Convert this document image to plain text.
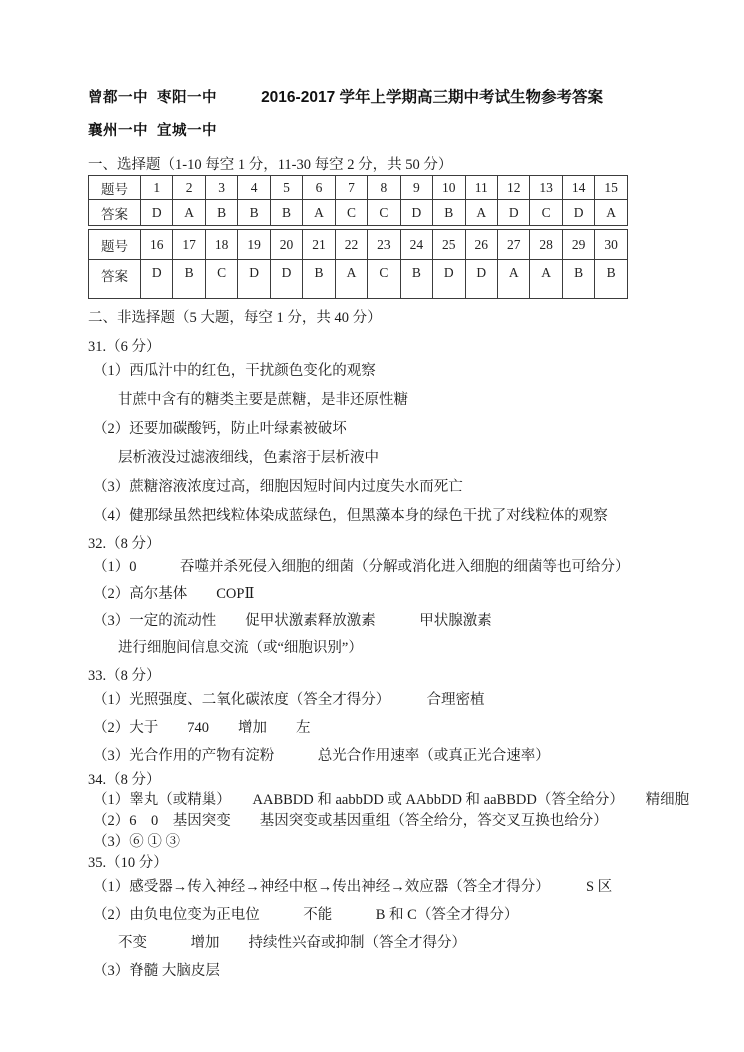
曾都一中  枣阳一中	2016-2017 学年上学期高三期中考试生物参考答案
襄州一中  宜城一中
一、选择题（1-10 每空 1 分，11-30 每空 2 分，共 50 分）
题号	1	2	3	4	5	6	7	8	9	10	11	12	13	14	15
答案	D	A	B	B	B	A	C	C	D	B	A	D	C	D	A
题号	16	17	18	19	20	21	22	23	24	25	26	27	28	29	30
答案	D	B	C	D	D	B	A	C	B	D	D	A	A	B	B
二、非选择题（5 大题，每空 1 分，共 40 分）
31.（6 分）
（1）西瓜汁中的红色，干扰颜色变化的观察
甘蔗中含有的糖类主要是蔗糖，是非还原性糖
（2）还要加碳酸钙，防止叶绿素被破坏
层析液没过滤液细线，色素溶于层析液中
（3）蔗糖溶液浓度过高，细胞因短时间内过度失水而死亡
（4）健那绿虽然把线粒体染成蓝绿色，但黑藻本身的绿色干扰了对线粒体的观察
32.（8 分）
（1）0　　　吞噬并杀死侵入细胞的细菌（分解或消化进入细胞的细菌等也可给分）
（2）高尔基体　　COPⅡ
（3）一定的流动性　　促甲状激素释放激素　　　甲状腺激素
进行细胞间信息交流（或“细胞识别”）
33.（8 分）
（1）光照强度、二氧化碳浓度（答全才得分）　　　合理密植
（2）大于　　740　　增加　　左
（3）光合作用的产物有淀粉　　　总光合作用速率（或真正光合速率）
34.（8 分）
（1）睾丸（或精巢）　　AABBDD 和 aabbDD 或 AAbbDD 和 aaBBDD（答全给分）　　精细胞
（2）6　0　基因突变　　基因突变或基因重组（答全给分，答交叉互换也给分）
（3）⑥ ① ③
35.（10 分）
（1）感受器→传入神经→神经中枢→传出神经→效应器（答全才得分）　　　S 区
（2）由负电位变为正电位　　　不能　　　B 和 C（答全才得分）
不变　　　增加　　持续性兴奋或抑制（答全才得分）
（3）脊髓 大脑皮层
